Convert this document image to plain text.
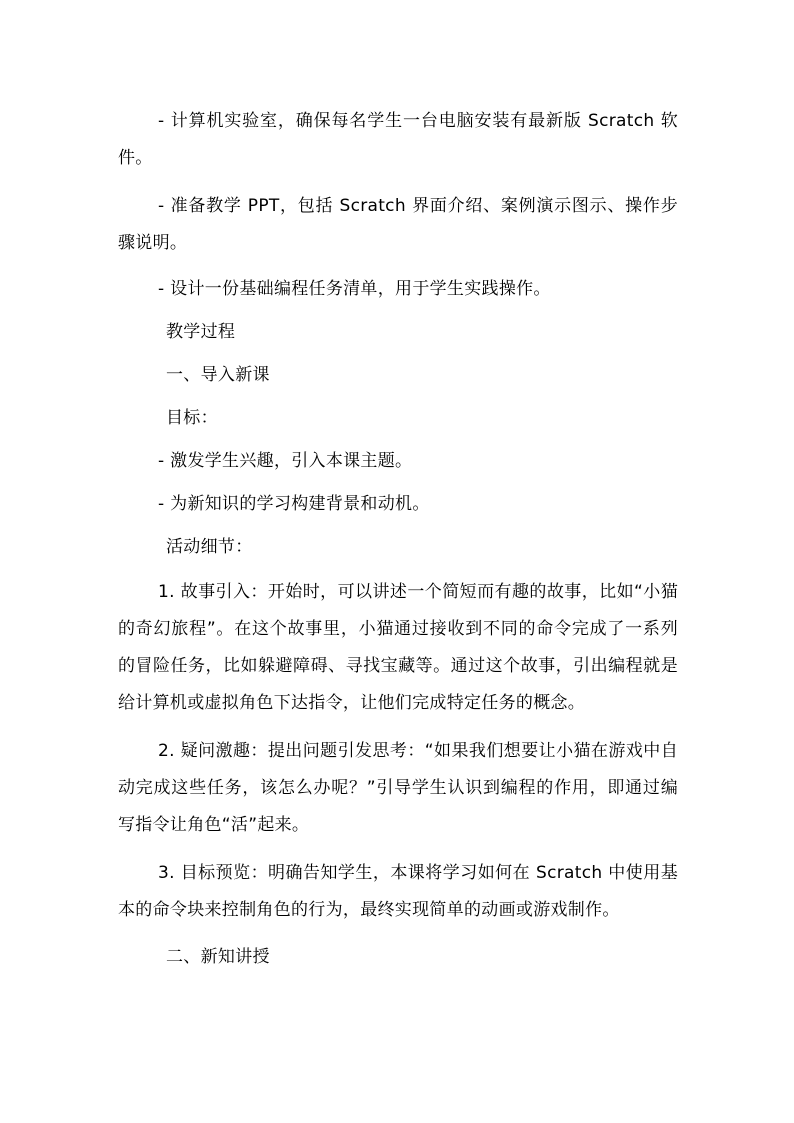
- 计算机实验室，确保每名学生一台电脑安装有最新版 Scratch 软件。

- 准备教学 PPT，包括 Scratch 界面介绍、案例演示图示、操作步骤说明。

- 设计一份基础编程任务清单，用于学生实践操作。

教学过程

一、导入新课

目标：

- 激发学生兴趣，引入本课主题。

- 为新知识的学习构建背景和动机。

活动细节：

1. 故事引入：开始时，可以讲述一个简短而有趣的故事，比如“小猫的奇幻旅程”。在这个故事里，小猫通过接收到不同的命令完成了一系列的冒险任务，比如躲避障碍、寻找宝藏等。通过这个故事，引出编程就是给计算机或虚拟角色下达指令，让他们完成特定任务的概念。

2. 疑问激趣：提出问题引发思考：“如果我们想要让小猫在游戏中自动完成这些任务，该怎么办呢？”引导学生认识到编程的作用，即通过编写指令让角色“活”起来。

3. 目标预览：明确告知学生，本课将学习如何在 Scratch 中使用基本的命令块来控制角色的行为，最终实现简单的动画或游戏制作。

二、新知讲授
